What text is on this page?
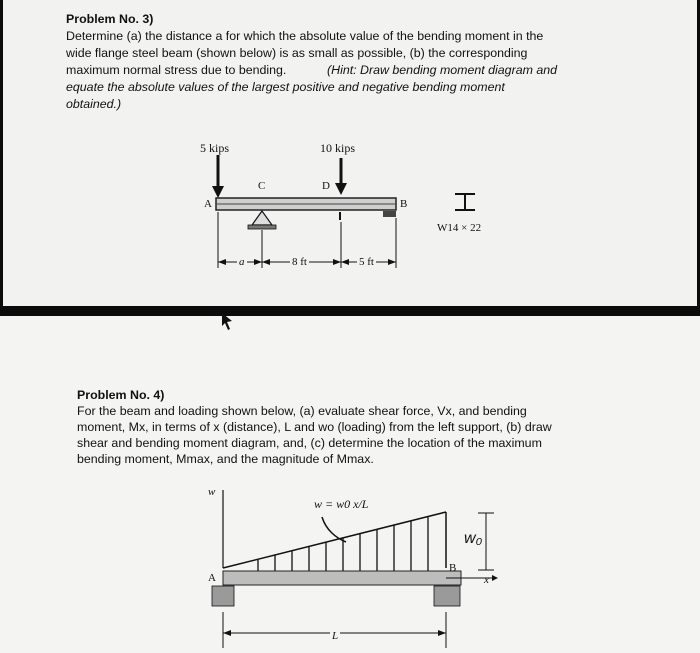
Problem No. 3)
Determine (a) the distance a for which the absolute value of the bending moment in the
wide flange steel beam (shown below) is as small as possible, (b) the corresponding
maximum normal stress due to bending.	(Hint: Draw bending moment diagram and
equate the absolute values of the largest positive and negative bending moment
obtained.)
5 kips	10 kips
C	D
A	B
W14 × 22
a	8 ft	5 ft
Problem No. 4)
For the beam and loading shown below, (a) evaluate shear force, Vx, and bending
moment, Mx, in terms of x (distance), L and wo (loading) from the left support, (b) draw
shear and bending moment diagram, and, (c) determine the location of the maximum
bending moment, Mmax, and the magnitude of Mmax.
w
w = w0 x/L
w₀
A
B
x
L
